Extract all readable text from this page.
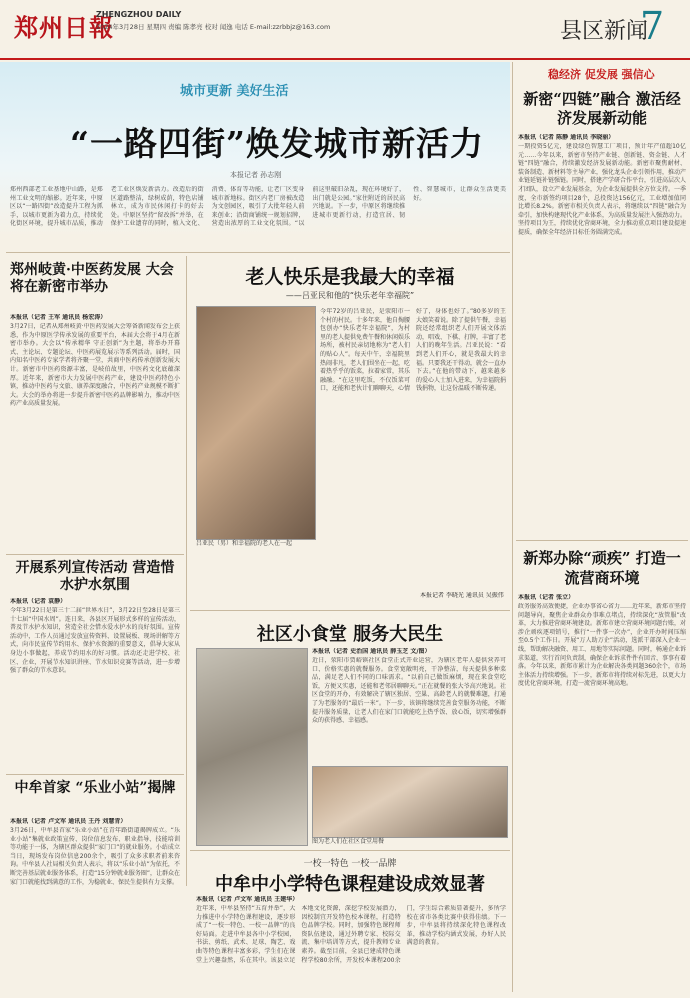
郑州日報
ZHENGZHOU DAILY
2024年3月28日 星期四 责编 陈孝亮 校对 闻逸 电话 E-mail:zzrbbjz@163.com	县区新闻
7
城市更新 美好生活
“一路四街”焕发城市新活力
本报记者 孙志刚
郑州西部老工业基地中山路，是郑州工业文明的缩影。近年来，中原区以“一路四街”改造提升工程为抓手，以城市更新为着力点，持续优化街区环境，提升城市品质，推动老工业区焕发新活力。改造后的街区道路整洁，绿树成荫，特色店铺林立，成为市民休闲打卡的好去处。中原区坚持“留改拆”并举，在保护工业遗存的同时，植入文化、消费、体育等功能，让老厂区变身城市新地标。街区内老厂房被改造为文创园区，吸引了大批年轻人前来创业；沿街商铺统一规划招牌，营造出浓厚的工业文化氛围。“以前这里破旧杂乱，现在环境好了，出门就是公园。”家住附近的居民高兴地说。下一步，中原区将继续推进城市更新行动，打造宜居、韧性、智慧城市，让群众生活更美好。
稳经济 促发展 强信心
新密“四链”融合 激活经济发展新动能
本报讯（记者 陈静 通讯员 李晓丽）
一期投资5亿元，建设绿色智慧工厂项目，预计年产值超10亿元……今年以来，新密市坚持产业链、创新链、资金链、人才链“四链”融合，持续激发经济发展新动能。新密市聚焦耐材、装备制造、新材料等主导产业，强化龙头企业引领作用，推动产业链延链补链强链。同时，搭建产学研合作平台，引进高层次人才团队，设立产业发展基金，为企业发展提供全方位支持。一季度，全市新签约项目28个，总投资达156亿元，工业增加值同比增长8.2%。新密市相关负责人表示，将继续以“四链”融合为牵引，加快构建现代化产业体系，为高质量发展注入强劲动力。坚持项目为王，持续优化营商环境，全力推动重点项目建设提速提质，确保全年经济目标任务圆满完成。
新郑办除“顽疾” 打造一流营商环境
本报讯（记者 张立）
政务服务高效便捷，企业办事省心省力……近年来，新郑市坚持问题导向，聚焦企业群众办事难点堵点，持续深化“放管服”改革，大力推进营商环境建设。新郑市建立营商环境问题台账，对涉企顽疾逐项销号，推行“一件事一次办”，企业开办时间压缩至0.5个工作日。开展“万人助万企”活动，选派干部深入企业一线，帮助解决融资、用工、用地等实际问题。同时，畅通企业诉求渠道，实行首问负责制，确保企业诉求件件有回音、事事有着落。今年以来，新郑市累计为企业解决各类问题360余个，市场主体活力持续增强。下一步，新郑市将持续对标先进，以更大力度优化营商环境，打造一流营商环境高地。
郑州岐黄·中医药发展 大会将在新密市举办
本报讯（记者 王军 通讯员 杨宏涛）
3月27日，记者从郑州岐黄·中医药发展大会筹备新闻发布会上获悉，作为中原医学传承发展的重要平台，本届大会将于4月在新密市举办。大会以“传承精华 守正创新”为主题，将举办开幕式、主论坛、专题论坛、中医药展览展示等系列活动。届时，国内知名中医药专家学者将齐聚一堂，共商中医药传承创新发展大计。新密市中医药资源丰富，是岐伯故里，中医药文化底蕴深厚。近年来，新密市大力发展中医药产业，建设中医药特色小镇，推动中医药与文旅、康养深度融合，中医药产业规模不断扩大。大会的举办将进一步提升新密中医药品牌影响力，推动中医药产业高质量发展。
开展系列宣传活动 营造惜水护水氛围
本报讯（记者 袁静）
今年3月22日是第三十二届“世界水日”，3月22日至28日是第三十七届“中国水周”。连日来，各县区开展形式多样的宣传活动，普及节水护水知识，营造全社会惜水爱水护水的良好氛围。宣传活动中，工作人员通过发放宣传资料、设置展板、现场讲解等方式，向市民宣传节约用水、保护水资源的重要意义，倡导大家从身边小事做起，养成节约用水的好习惯。活动还走进学校、社区、企业，开展节水知识讲座、节水知识竞赛等活动，进一步增强了群众的节水意识。
中牟首家 “乐业小站”揭牌
本报讯（记者 卢文军 通讯员 王丹 刘慧青）
3月26日，中牟县首家“乐业小站”在青年路街道揭牌成立。“乐业小站”集就业政策宣传、岗位信息发布、职业指导、技能培训等功能于一体，为辖区群众提供“家门口”的就业服务。小站成立当日，现场发布岗位信息200余个，吸引了众多求职者前来咨询。中牟县人社局相关负责人表示，将以“乐业小站”为依托，不断完善基层就业服务体系，打造“15分钟就业服务圈”，让群众在家门口就能找到满意的工作，为稳就业、保民生提供有力支撑。
老人快乐是我最大的幸福
——吕亚民和他的“快乐老年幸福院”
吕亚民（男）和幸福院的老人在一起
今年72岁的吕亚民，是荥阳市一个村的村民。十多年来，他自掏腰包创办“快乐老年幸福院”，为村里的老人提供免费午餐和休闲娱乐场所，被村民亲切地称为“老人们的贴心人”。每天中午，幸福院里热闹非凡，老人们围坐在一起，吃着热乎乎的饭菜，拉着家常，其乐融融。“在这里吃饭，不仅饭菜可口，还能和老伙计们聊聊天，心情好了，身体也好了。”80多岁的王大娘笑着说。除了提供午餐，幸福院还经常组织老人们开展文体活动，唱戏、下棋、打牌，丰富了老人们的晚年生活。吕亚民说：“看到老人们开心，就是我最大的幸福。只要我还干得动，就会一直办下去。”在他的带动下，越来越多的爱心人士加入进来，为幸福院捐钱捐物，让这份温暖不断传递。
本报记者 李晓光 通讯员 吴振伟
社区小食堂 服务大民生
本报讯（记者 史治国 通讯员 薛玉芝 文/图）
近日，荥阳市贾峪镇社区食堂正式开业运营，为辖区老年人提供营养可口、价格实惠的就餐服务。食堂宽敞明亮，干净整洁，每天提供多种菜品，满足老人们不同的口味需求。“以前自己做饭麻烦，现在来食堂吃饭，方便又实惠，还能和老邻居聊聊天。”正在就餐的张大爷高兴地说。社区食堂的开办，有效解决了辖区独居、空巢、高龄老人的就餐难题，打通了为老服务的“最后一米”。下一步，该镇将继续完善食堂服务功能，不断提升服务质量，让老人们在家门口就能吃上热乎饭、放心饭，切实增强群众的获得感、幸福感。
图为老人们在社区食堂用餐
一校一特色 一校一品牌
中牟中小学特色课程建设成效显著
本报讯（记者 卢文军 通讯员 王建华）
近年来，中牟县坚持“五育并举”，大力推进中小学特色课程建设，逐步形成了“一校一特色、一校一品牌”的良好局面。走进中牟县各中小学校园，书法、剪纸、武术、足球、陶艺、戏曲等特色课程丰富多彩，学生们在课堂上兴趣盎然，乐在其中。该县立足本地文化资源，深挖学校发展潜力，因校制宜开发特色校本课程，打造特色品牌学校。同时，加强特色课程师资队伍建设，通过外聘专家、校际交流、集中培训等方式，提升教师专业素养。截至目前，全县已建成特色课程学校80余所，开发校本课程200余门，学生综合素质显著提升，多所学校在省市各类比赛中获得佳绩。下一步，中牟县将持续深化特色课程改革，推动学校内涵式发展，办好人民满意的教育。
